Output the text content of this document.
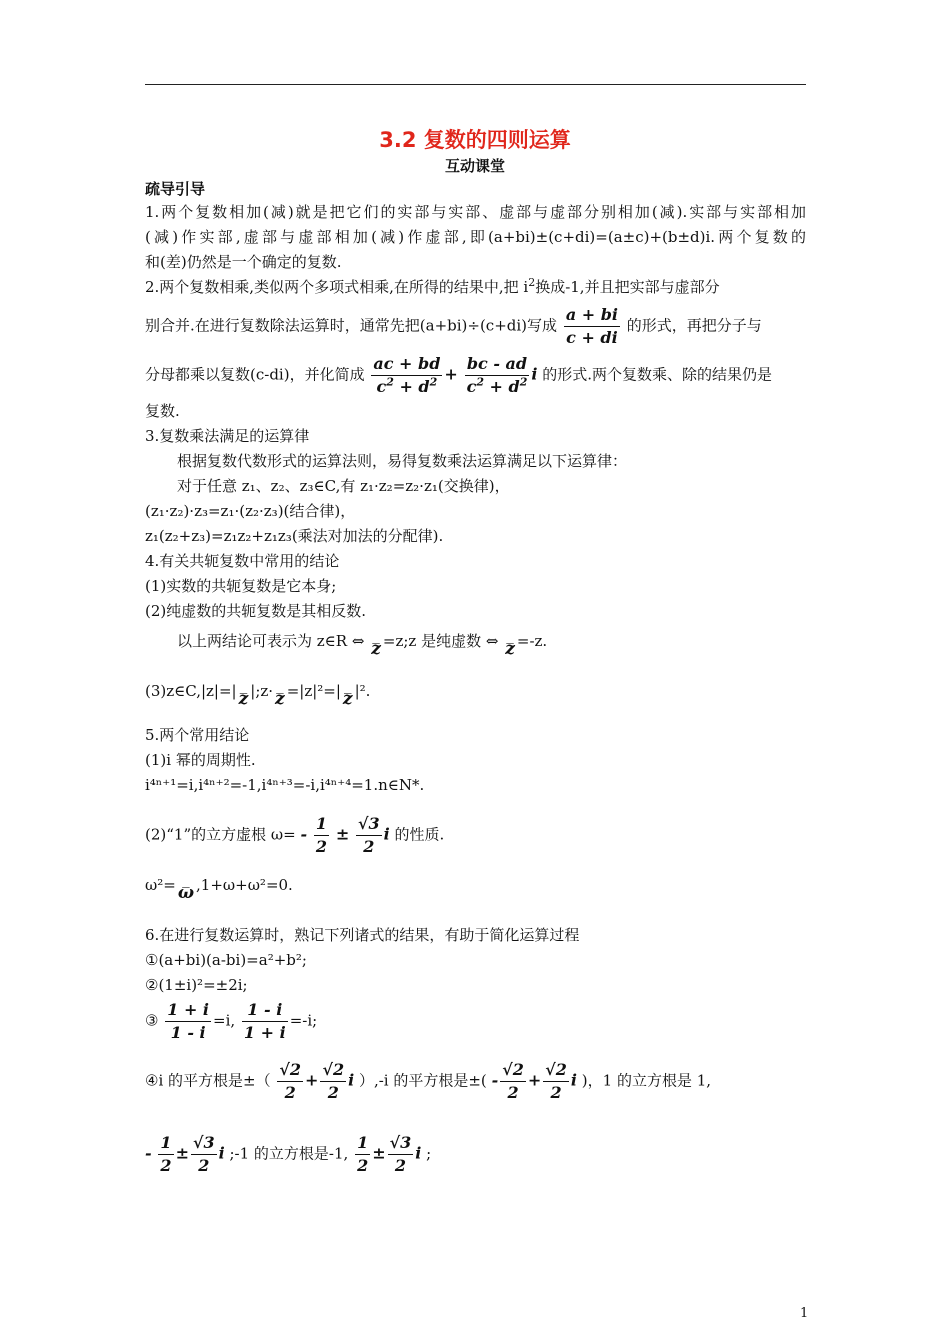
3.2 复数的四则运算
互动课堂
疏导引导
1.两个复数相加(减)就是把它们的实部与实部、虚部与虚部分别相加(减).实部与实部相加
(减)作实部,虚部与虚部相加(减)作虚部,即(a+bi)±(c+di)=(a±c)+(b±d)i.两个复数的
和(差)仍然是一个确定的复数.
2.两个复数相乘,类似两个多项式相乘,在所得的结果中,把 $i^2$换成-1,并且把实部与虚部分
别合并.在进行复数除法运算时，通常先把(a+bi)÷(c+di)写成 $\frac{a + bi}{c + di}$ 的形式，再把分子与
分母都乘以复数(c-di)，并化简成 $\frac{ac + bd}{c^2 + d^2} + \frac{bc - ad}{c^2 + d^2}$ i 的形式.两个复数乘、除的结果仍是
复数.
3.复数乘法满足的运算律
根据复数代数形式的运算法则，易得复数乘法运算满足以下运算律：
对于任意 z₁、z₂、z₃∈C,有 z₁·z₂=z₂·z₁(交换律)，
(z₁·z₂)·z₃=z₁·(z₂·z₃)(结合律)，
z₁(z₂+z₃)=z₁z₂+z₁z₃(乘法对加法的分配律).
4.有关共轭复数中常用的结论
(1)实数的共轭复数是它本身;
(2)纯虚数的共轭复数是其相反数.
以上两结论可表示为 z∈R ⇔ _
z =z;z 是纯虚数 ⇔ _
z =-z.
(3)z∈C,|z|=| _
z |;z· _
z =|z|²=| _
z |².
5.两个常用结论
(1)i 幂的周期性.
i⁴ⁿ⁺¹=i,i⁴ⁿ⁺²=-1,i⁴ⁿ⁺³=-i,i⁴ⁿ⁺⁴=1.n∈N*.
(2)“1”的立方虚根 $\omega= - \frac{1}{2} \pm \frac{√3}{2}$ i 的性质.
ω²= _
ω ,1+ω+ω²=0.
6.在进行复数运算时，熟记下列诸式的结果，有助于简化运算过程
①(a+bi)(a-bi)=a²+b²;
②(1±i)²=±2i;
③ $\frac{1 + i}{1 - i} =i$, $\frac{1 - i}{1 + i} =-i$;
④i 的平方根是±（ $\frac{√2}{2} + \frac{√2}{2}$ i ）,-i 的平方根是±( - $\frac{√2}{2} + \frac{√2}{2}$ i )，1 的立方根是 1,
- $\frac{1}{2} \pm \frac{√3}{2}$ i ;-1 的立方根是-1, $\frac{1}{2} \pm \frac{√3}{2}$ i ;
1
